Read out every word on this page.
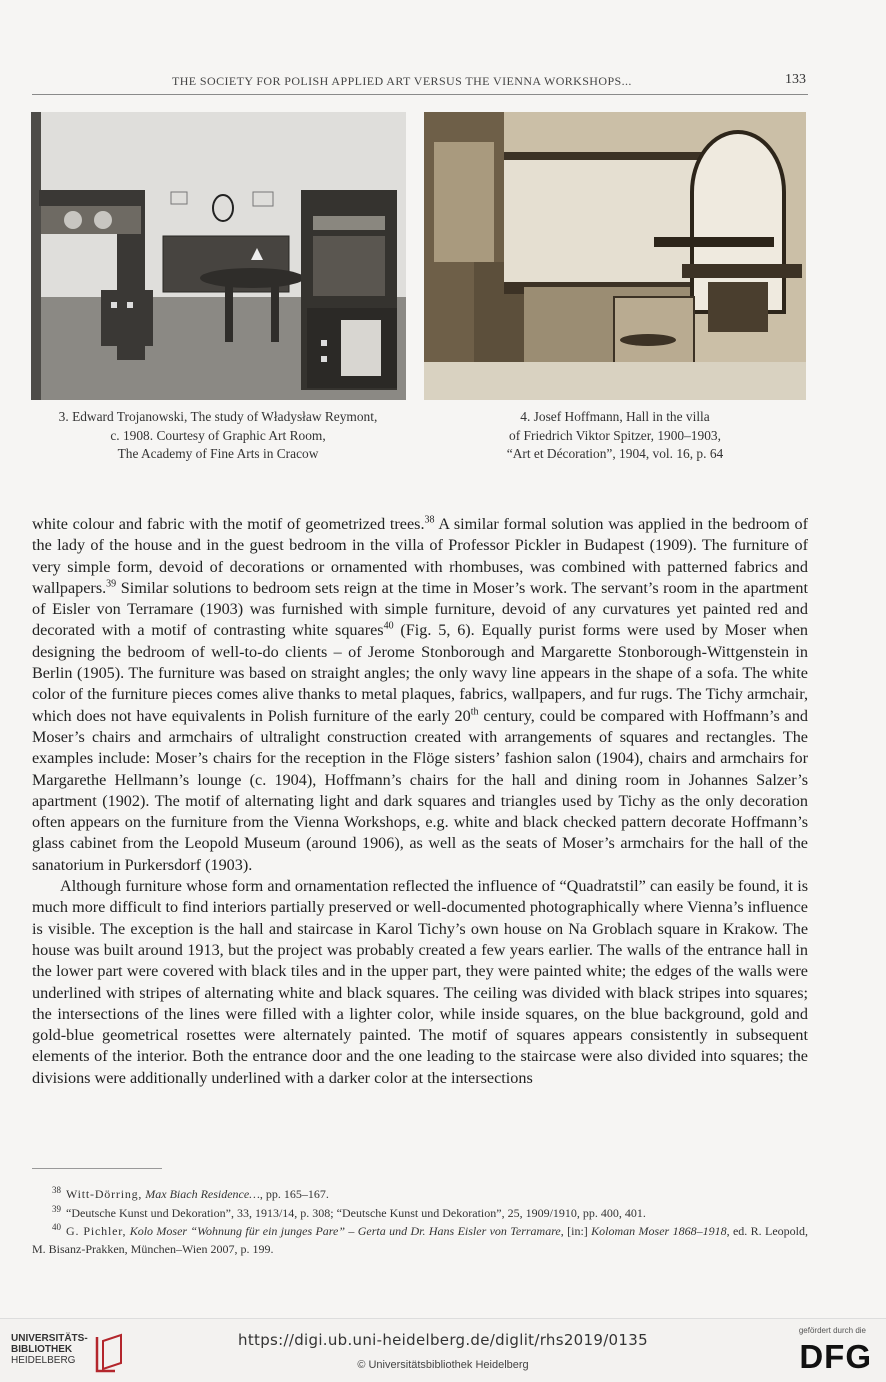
THE SOCIETY FOR POLISH APPLIED ART VERSUS THE VIENNA WORKSHOPS...	133
3. Edward Trojanowski, The study of Władysław Reymont,
c. 1908. Courtesy of Graphic Art Room,
The Academy of Fine Arts in Cracow
4. Josef Hoffmann, Hall in the villa
of Friedrich Viktor Spitzer, 1900–1903,
“Art et Décoration”, 1904, vol. 16, p. 64

white colour and fabric with the motif of geometrized trees.$^{38}$ A similar formal solution was applied in the bedroom of the lady of the house and in the guest bedroom in the villa of Professor Pickler in Budapest (1909). The furniture of very simple form, devoid of decorations or ornamented with rhombuses, was combined with patterned fabrics and wallpapers.$^{39}$ Similar solutions to bedroom sets reign at the time in Moser’s work. The servant’s room in the apartment of Eisler von Terramare (1903) was furnished with simple furniture, devoid of any curvatures yet painted red and decorated with a motif of contrasting white squares$^{40}$ (Fig. 5, 6). Equally purist forms were used by Moser when designing the bedroom of well-to-do clients – of Jerome Stonborough and Margarette Stonborough-Wittgenstein in Berlin (1905). The furniture was based on straight angles; the only wavy line appears in the shape of a sofa. The white color of the furniture pieces comes alive thanks to metal plaques, fabrics, wallpapers, and fur rugs. The Tichy armchair, which does not have equivalents in Polish furniture of the early 20th century, could be compared with Hoffmann’s and Moser’s chairs and armchairs of ultralight construction created with arrangements of squares and rectangles. The examples include: Moser’s chairs for the reception in the Flöge sisters’ fashion salon (1904), chairs and armchairs for Margarethe Hellmann’s lounge (c. 1904), Hoffmann’s chairs for the hall and dining room in Johannes Salzer’s apartment (1902). The motif of alternating light and dark squares and triangles used by Tichy as the only decoration often appears on the furniture from the Vienna Workshops, e.g. white and black checked pattern decorate Hoffmann’s glass cabinet from the Leopold Museum (around 1906), as well as the seats of Moser’s armchairs for the hall of the sanatorium in Purkersdorf (1903).

Although furniture whose form and ornamentation reflected the influence of “Quadratstil” can easily be found, it is much more difficult to find interiors partially preserved or well-documented photographically where Vienna’s influence is visible. The exception is the hall and staircase in Karol Tichy’s own house on Na Groblach square in Krakow. The house was built around 1913, but the project was probably created a few years earlier. The walls of the entrance hall in the lower part were covered with black tiles and in the upper part, they were painted white; the edges of the walls were underlined with stripes of alternating white and black squares. The ceiling was divided with black stripes into squares; the intersections of the lines were filled with a lighter color, while inside squares, on the blue background, gold and gold-blue geometrical rosettes were alternately painted. The motif of squares appears consistently in subsequent elements of the interior. Both the entrance door and the one leading to the staircase were also divided into squares; the divisions were additionally underlined with a darker color at the intersections

$^{38}$ Witt-Dörring, Max Biach Residence…, pp. 165–167.
$^{39}$ “Deutsche Kunst und Dekoration”, 33, 1913/14, p. 308; “Deutsche Kunst und Dekoration”, 25, 1909/1910, pp. 400, 401.
$^{40}$ G. Pichler, Kolo Moser “Wohnung für ein junges Pare” – Gerta und Dr. Hans Eisler von Terramare, [in:] Koloman Moser 1868–1918, ed. R. Leopold, M. Bisanz-Prakken, München–Wien 2007, p. 199.
UNIVERSITÄTS-
BIBLIOTHEK
HEIDELBERG
https://digi.ub.uni-heidelberg.de/diglit/rhs2019/0135
© Universitätsbibliothek Heidelberg
gefördert durch die
DFG
